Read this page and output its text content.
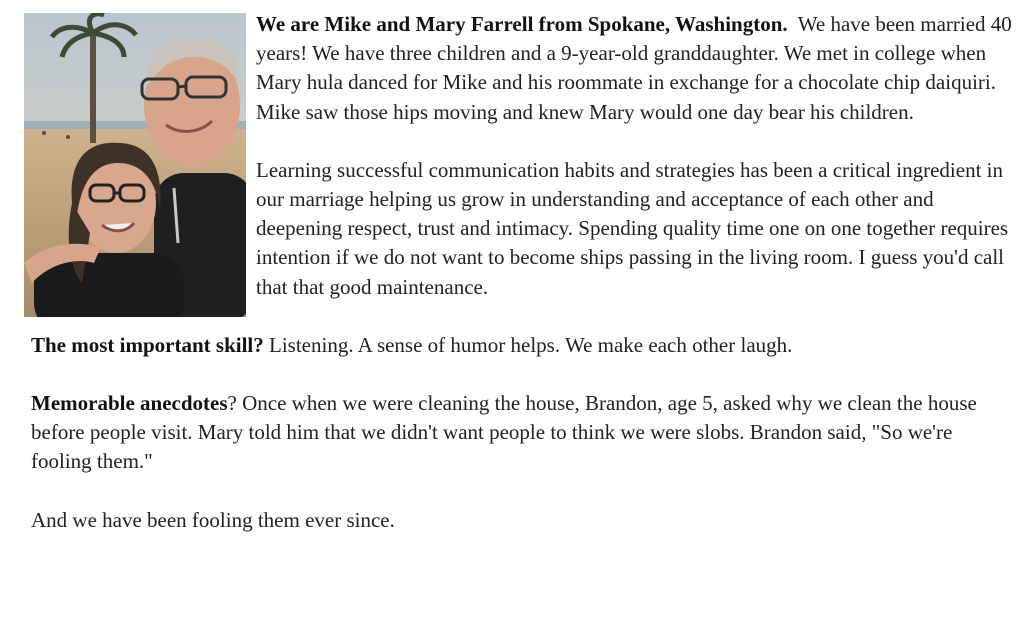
We are Mike and Mary Farrell from Spokane, Washington. We have been married 40 years! We have three children and a 9-year-old granddaughter. We met in college when Mary hula danced for Mike and his roommate in exchange for a chocolate chip daiquiri. Mike saw those hips moving and knew Mary would one day bear his children.

Learning successful communication habits and strategies has been a critical ingredient in our marriage helping us grow in understanding and acceptance of each other and deepening respect, trust and intimacy. Spending quality time one on one together requires intention if we do not want to become ships passing in the living room. I guess you'd call that that good maintenance.

The most important skill? Listening. A sense of humor helps. We make each other laugh.

Memorable anecdotes? Once when we were cleaning the house, Brandon, age 5, asked why we clean the house before people visit. Mary told him that we didn't want people to think we were slobs. Brandon said, "So we're fooling them."

And we have been fooling them ever since.
